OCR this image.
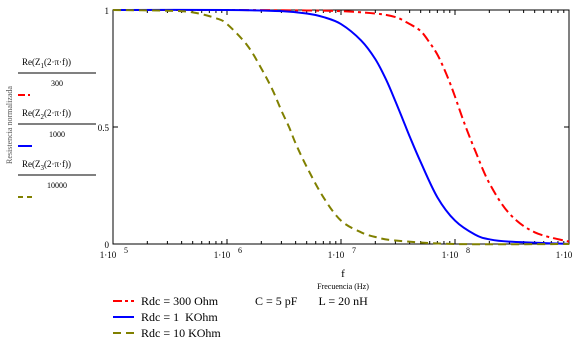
1·10 5	1·10 6	1·10 7	1·10 8	1·10
0
0.5
1
f
Frecuencia (Hz)
Resistencia normalizada
$Re(Z_1(2\cdot\pi\cdot f))$
300
$Re(Z_2(2\cdot\pi\cdot f))$
1000
$Re(Z_3(2\cdot\pi\cdot f))$
10000
C = 5 pF       L = 20 nH
Rdc = 300 Ohm
Rdc = 1  KOhm
Rdc = 10 KOhm
